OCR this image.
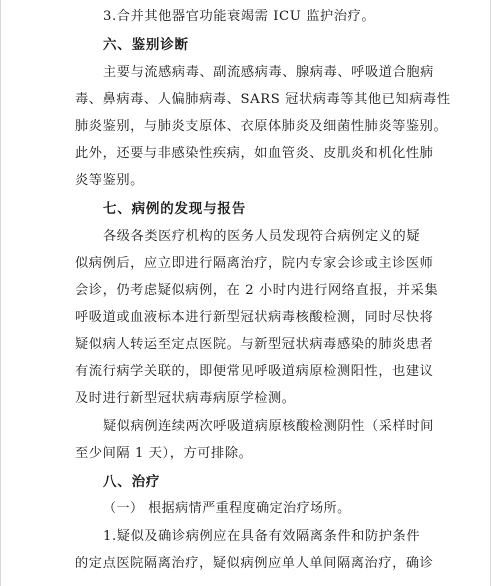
3.合并其他器官功能衰竭需 ICU 监护治疗。
六、鉴别诊断
主要与流感病毒、副流感病毒、腺病毒、呼吸道合胞病
毒、鼻病毒、人偏肺病毒、SARS 冠状病毒等其他已知病毒性
肺炎鉴别，与肺炎支原体、衣原体肺炎及细菌性肺炎等鉴别。
此外，还要与非感染性疾病，如血管炎、皮肌炎和机化性肺
炎等鉴别。
七、病例的发现与报告
各级各类医疗机构的医务人员发现符合病例定义的疑
似病例后，应立即进行隔离治疗，院内专家会诊或主诊医师
会诊，仍考虑疑似病例，在 2 小时内进行网络直报，并采集
呼吸道或血液标本进行新型冠状病毒核酸检测，同时尽快将
疑似病人转运至定点医院。与新型冠状病毒感染的肺炎患者
有流行病学关联的，即便常见呼吸道病原检测阳性，也建议
及时进行新型冠状病毒病原学检测。
疑似病例连续两次呼吸道病原核酸检测阴性（采样时间
至少间隔 1 天），方可排除。
八、治疗
（一） 根据病情严重程度确定治疗场所。
1.疑似及确诊病例应在具备有效隔离条件和防护条件
的定点医院隔离治疗，疑似病例应单人单间隔离治疗，确诊
